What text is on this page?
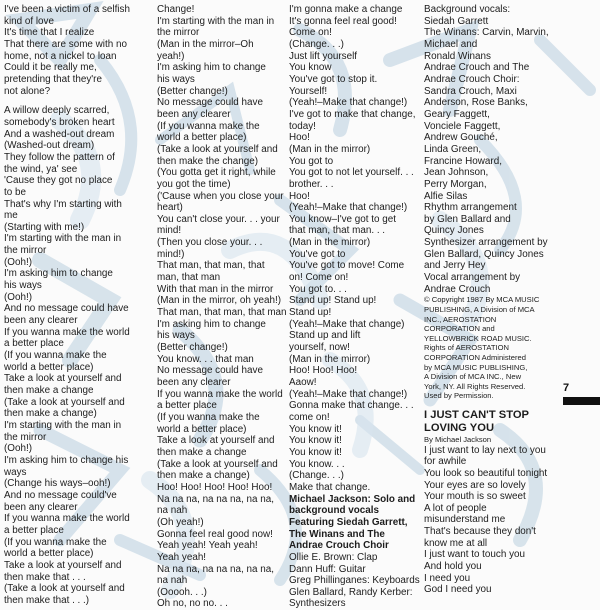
I've been a victim of a selfish
kind of love
It's time that I realize
That there are some with no
home, not a nickel to loan
Could it be really me,
pretending that they're
not alone?
A willow deeply scarred,
somebody's broken heart
And a washed-out dream
(Washed-out dream)
They follow the pattern of
the wind, ya' see
'Cause they got no place
to be
That's why I'm starting with
me
(Starting with me!)
I'm starting with the man in
the mirror
(Ooh!)
I'm asking him to change
his ways
(Ooh!)
And no message could have
been any clearer
If you wanna make the world
a better place
(If you wanna make the
world a better place)
Take a look at yourself and
then make a change
(Take a look at yourself and
then make a change)
I'm starting with the man in
the mirror
(Ooh!)
I'm asking him to change his
ways
(Change his ways–ooh!)
And no message could've
been any clearer
If you wanna make the world
a better place
(If you wanna make the
world a better place)
Take a look at yourself and
then make that . . .
(Take a look at yourself and
then make that . . .)
Change!
I'm starting with the man in
the mirror
(Man in the mirror–Oh
yeah!)
I'm asking him to change
his ways
(Better change!)
No message could have
been any clearer
(If you wanna make the
world a better place)
(Take a look at yourself and
then make the change)
(You gotta get it right, while
you got the time)
('Cause when you close your
heart)
You can't close your. . . your
mind!
(Then you close your. . .
mind!)
That man, that man, that
man, that man
With that man in the mirror
(Man in the mirror, oh yeah!)
That man, that man, that man
I'm asking him to change
his ways
(Better change!)
You know. . . that man
No message could have
been any clearer
If you wanna make the world
a better place
(If you wanna make the
world a better place)
Take a look at yourself and
then make a change
(Take a look at yourself and
then make a change)
Hoo! Hoo! Hoo! Hoo! Hoo!
Na na na, na na na, na na,
na nah
(Oh yeah!)
Gonna feel real good now!
Yeah yeah! Yeah yeah!
Yeah yeah!
Na na na, na na na, na na,
na nah
(Ooooh. . .)
Oh no, no no. . .
I'm gonna make a change
It's gonna feel real good!
Come on!
(Change. . .)
Just lift yourself
You know
You've got to stop it.
Yourself!
(Yeah!–Make that change!)
I've got to make that change,
today!
Hoo!
(Man in the mirror)
You got to
You got to not let yourself. . .
brother. . .
Hoo!
(Yeah!–Make that change!)
You know–I've got to get
that man, that man. . .
(Man in the mirror)
You've got to
You've got to move! Come
on! Come on!
You got to. . .
Stand up! Stand up!
Stand up!
(Yeah!–Make that change)
Stand up and lift
yourself, now!
(Man in the mirror)
Hoo! Hoo! Hoo!
Aaow!
(Yeah!–Make that change!)
Gonna make that change. . .
come on!
You know it!
You know it!
You know it!
You know. . .
(Change. . .)
Make that change.
Michael Jackson: Solo and
background vocals
Featuring Siedah Garrett,
The Winans and The
Andrae Crouch Choir
Ollie E. Brown: Clap
Dann Huff: Guitar
Greg Phillinganes: Keyboards
Glen Ballard, Randy Kerber:
Synthesizers
Background vocals:
Siedah Garrett
The Winans: Carvin, Marvin,
Michael and
Ronald Winans
Andrae Crouch and The
Andrae Crouch Choir:
Sandra Crouch, Maxi
Anderson, Rose Banks,
Geary Faggett,
Vonciele Faggett,
Andrew Gouché,
Linda Green,
Francine Howard,
Jean Johnson,
Perry Morgan,
Alfie Silas
Rhythm arrangement
by Glen Ballard and
Quincy Jones
Synthesizer arrangement by
Glen Ballard, Quincy Jones
and Jerry Hey
Vocal arrangement by
Andrae Crouch
© Copyright 1987 By MCA MUSIC
PUBLISHING, A Division of MCA
INC., AEROSTATION
CORPORATION and
YELLOWBRICK ROAD MUSIC.
Rights of AEROSTATION
CORPORATION Administered
by MCA MUSIC PUBLISHING,
A Division of MCA INC., New
York, NY. All Rights Reserved.
Used by Permission.
I JUST CAN'T STOP
LOVING YOU
By Michael Jackson
I just want to lay next to you
for awhile
You look so beautiful tonight
Your eyes are so lovely
Your mouth is so sweet
A lot of people
misunderstand me
That's because they don't
know me at all
I just want to touch you
And hold you
I need you
God I need you
7
